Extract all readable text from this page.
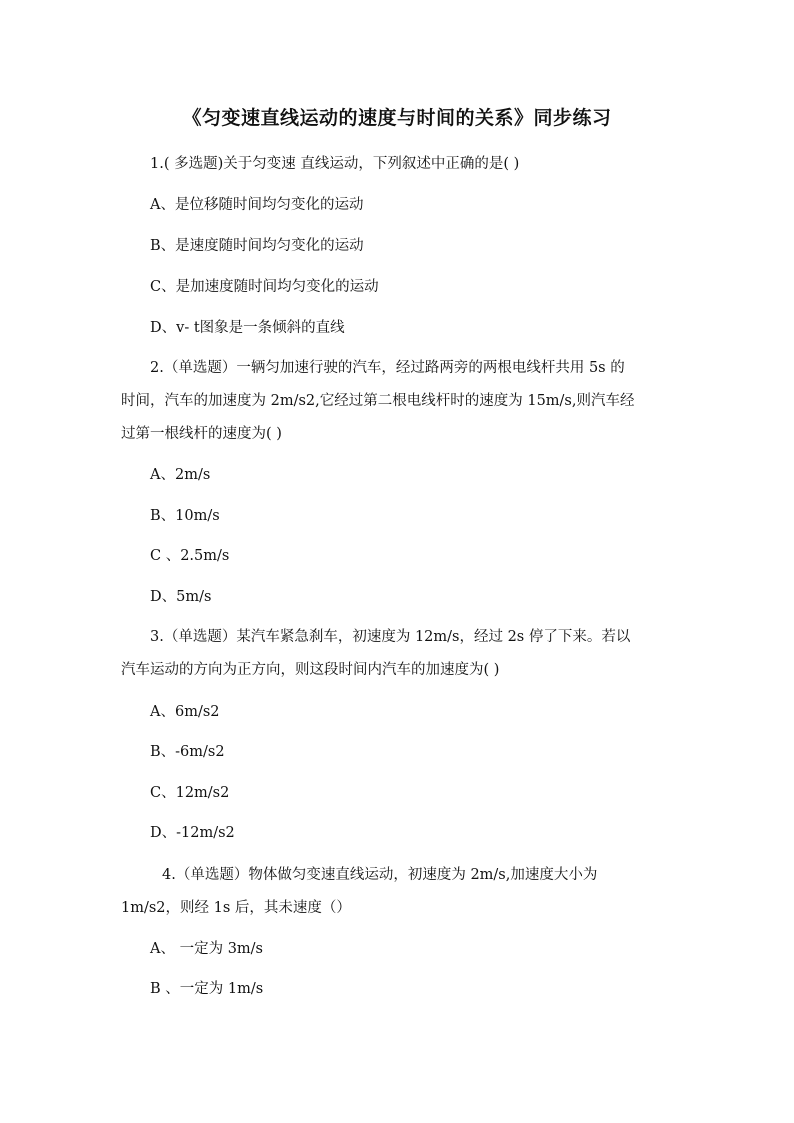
《匀变速直线运动的速度与时间的关系》同步练习
1.( 多选题)关于匀变速 直线运动，下列叙述中正确的是( )
A、是位移随时间均匀变化的运动
B、是速度随时间均匀变化的运动
C、是加速度随时间均匀变化的运动
D、v- t图象是一条倾斜的直线
2.（单选题）一辆匀加速行驶的汽车，经过路两旁的两根电线杆共用 5s 的
时间，汽车的加速度为 2m/s2,它经过第二根电线杆时的速度为 15m/s,则汽车经
过第一根线杆的速度为( )
A、2m/s
B、10m/s
C 、2.5m/s
D、5m/s
3.（单选题）某汽车紧急刹车，初速度为 12m/s，经过 2s 停了下来。若以
汽车运动的方向为正方向，则这段时间内汽车的加速度为( )
A、6m/s2
B、-6m/s2
C、12m/s2
D、-12m/s2
4.（单选题）物体做匀变速直线运动，初速度为 2m/s,加速度大小为
1m/s2，则经 1s 后，其未速度（）
A、 一定为 3m/s
B 、一定为 1m/s
